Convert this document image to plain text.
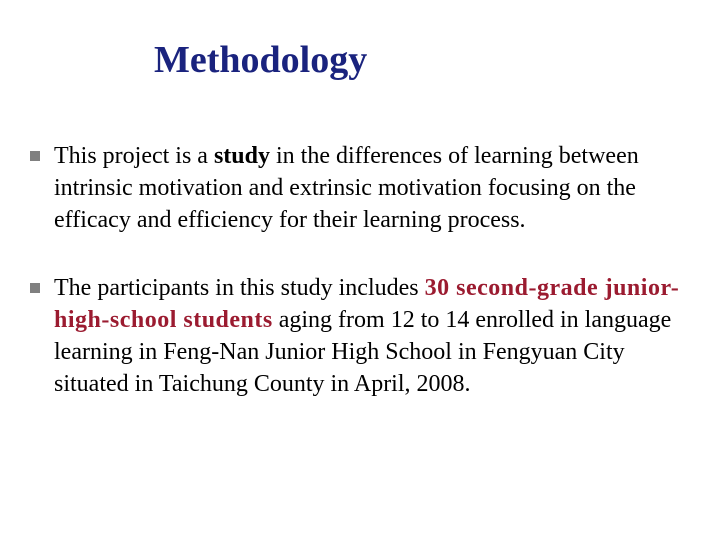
Methodology
This project is a study in the differences of learning between intrinsic motivation and extrinsic motivation focusing on the efficacy and efficiency for their learning process.
The participants in this study includes 30 second-grade junior-high-school students aging from 12 to 14 enrolled in language learning in Feng-Nan Junior High School in Fengyuan City situated in Taichung County in April, 2008.
